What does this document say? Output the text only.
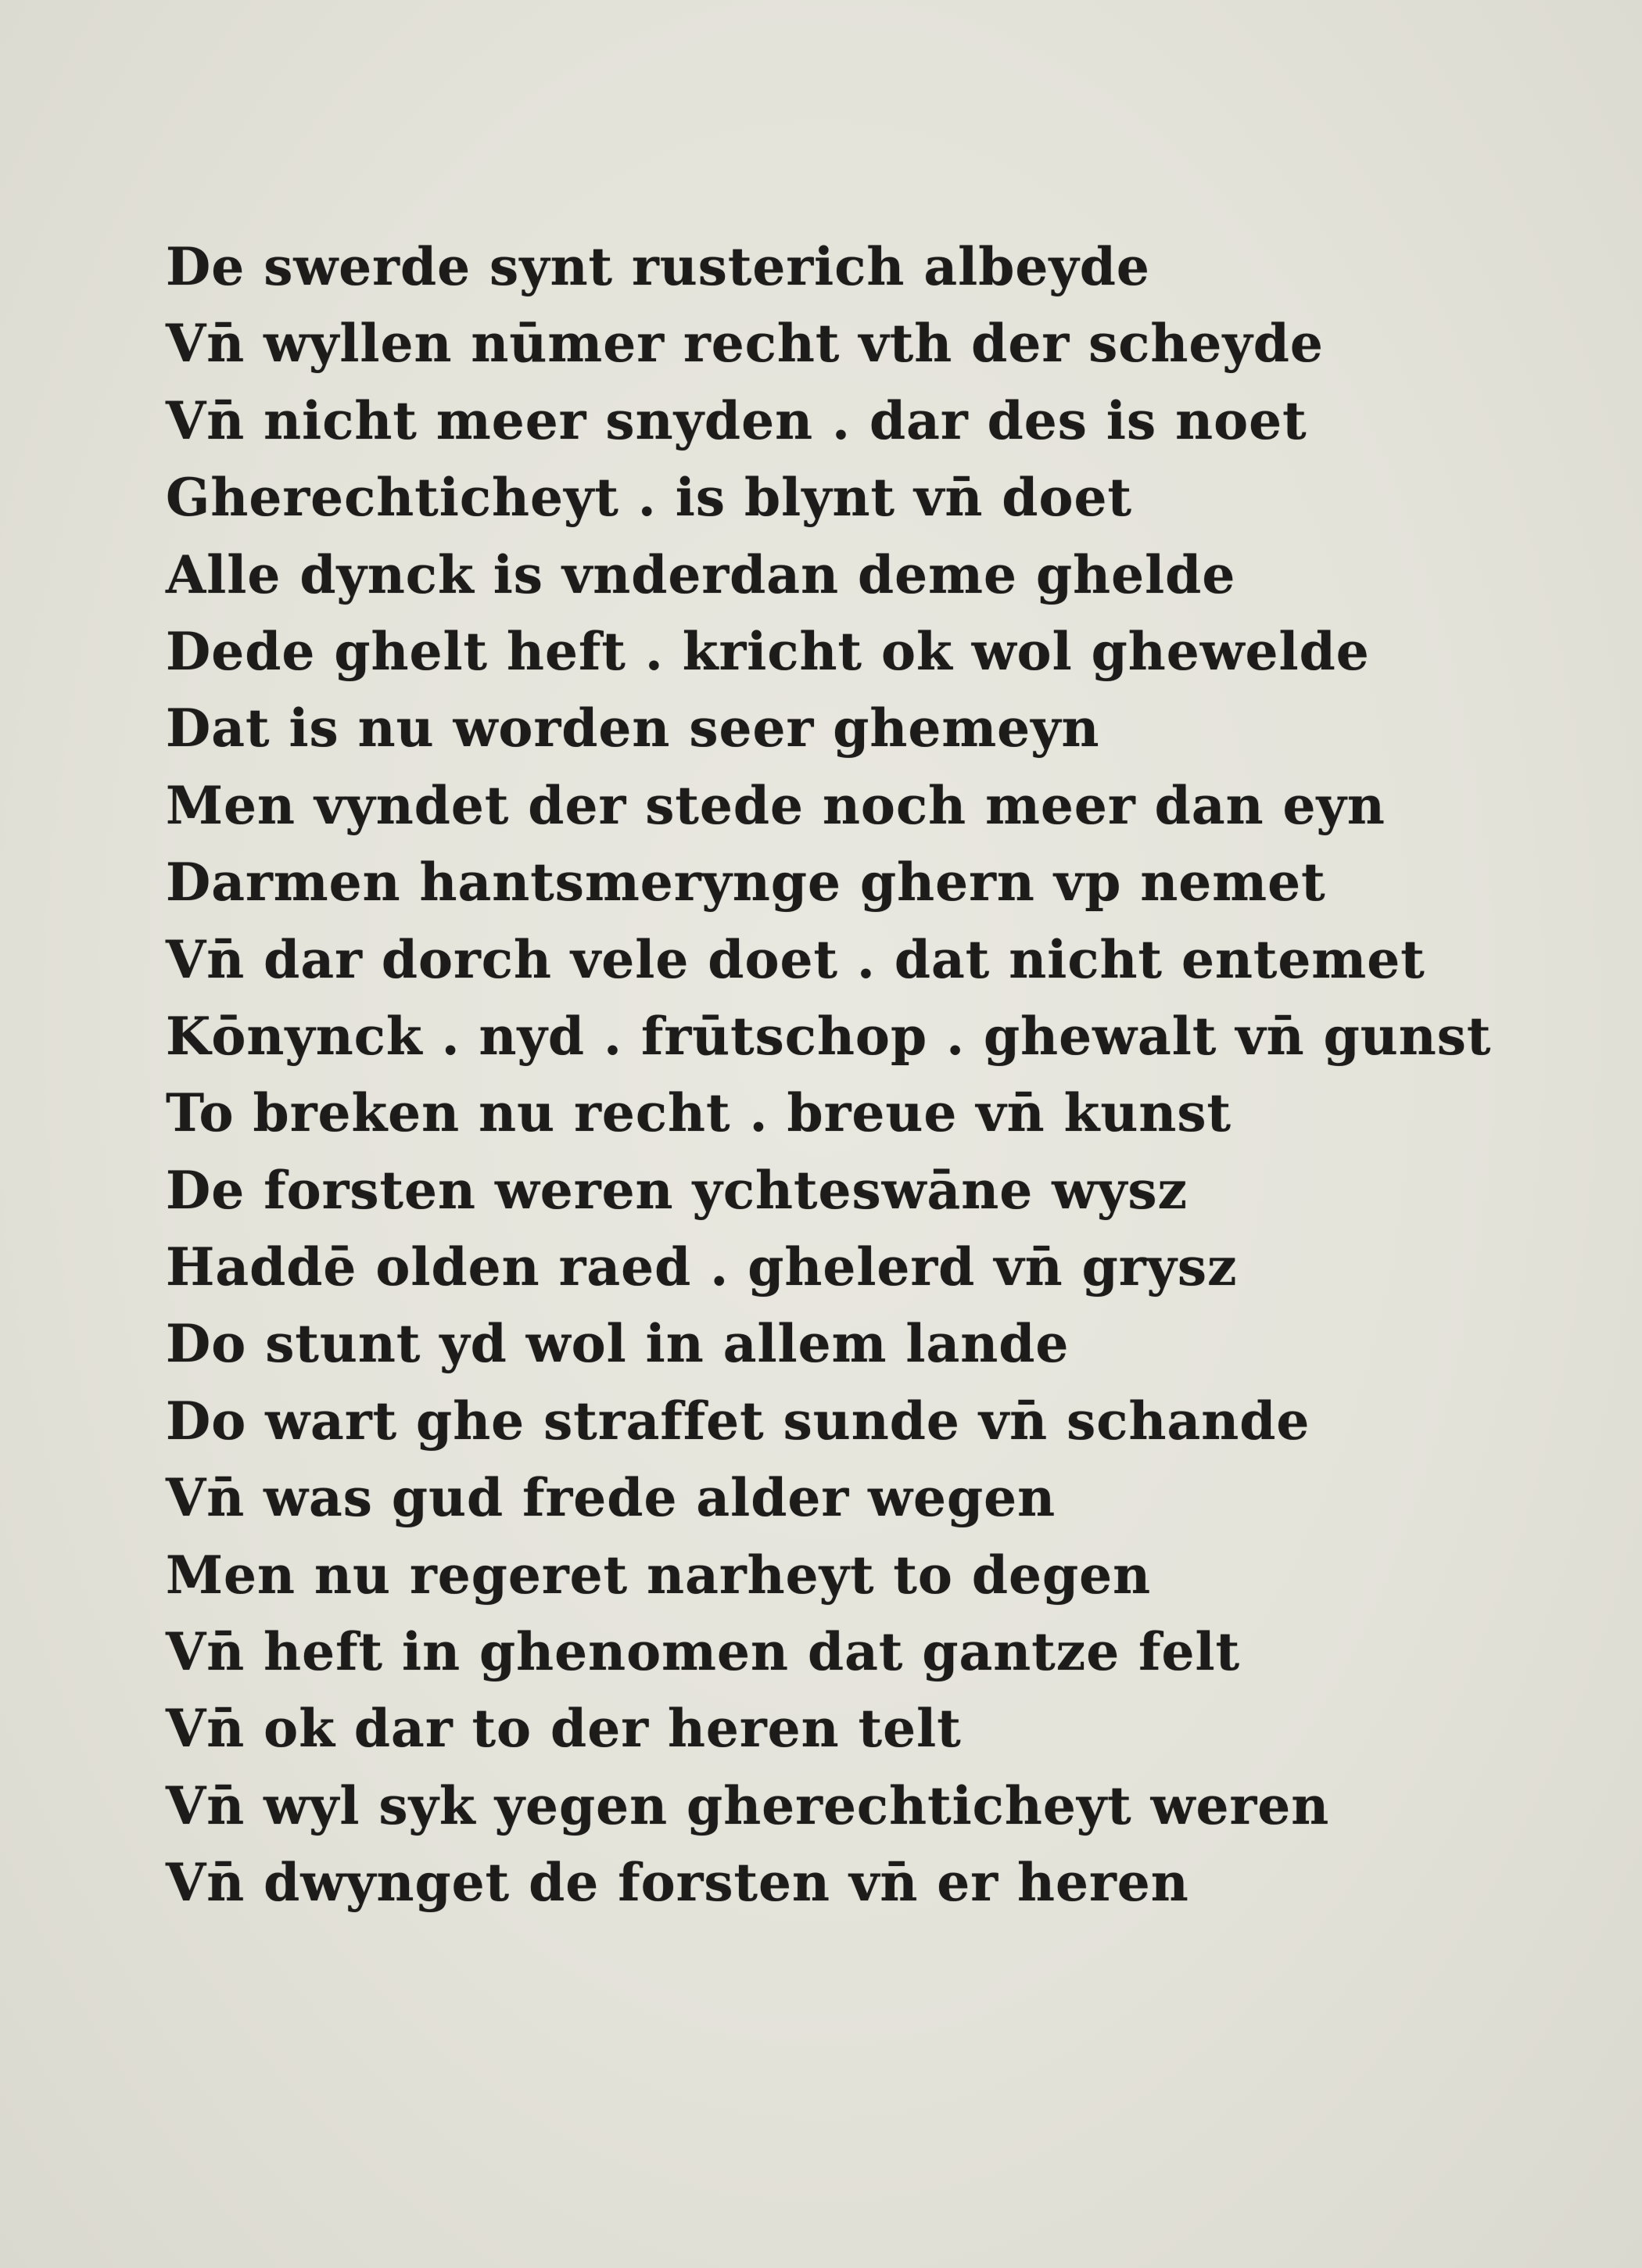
De swerde synt rusterich albeyde
Vn̄ wyllen nūmer recht vth der scheyde
Vn̄ nicht meer snyden . dar des is noet
Gherechticheyt . is blynt vn̄ doet
Alle dynck is vnderdan deme ghelde
Dede ghelt heft . kricht ok wol ghewelde
Dat is nu worden seer ghemeyn
Men vyndet der stede noch meer dan eyn
Darmen hantsmerynge ghern vp nemet
Vn̄ dar dorch vele doet . dat nicht entemet
Kōnynck . nyd . frūtschop . ghewalt vn̄ gunst
To breken nu recht . breue vn̄ kunst
De forsten weren ychteswāne wysz
Haddē olden raed . ghelerd vn̄ grysz
Do stunt yd wol in allem lande
Do wart ghe straffet sunde vn̄ schande
Vn̄ was gud frede alder wegen
Men nu regeret narheyt to degen
Vn̄ heft in ghenomen dat gantze felt
Vn̄ ok dar to der heren telt
Vn̄ wyl syk yegen gherechticheyt weren
Vn̄ dwynget de forsten vn̄ er heren
